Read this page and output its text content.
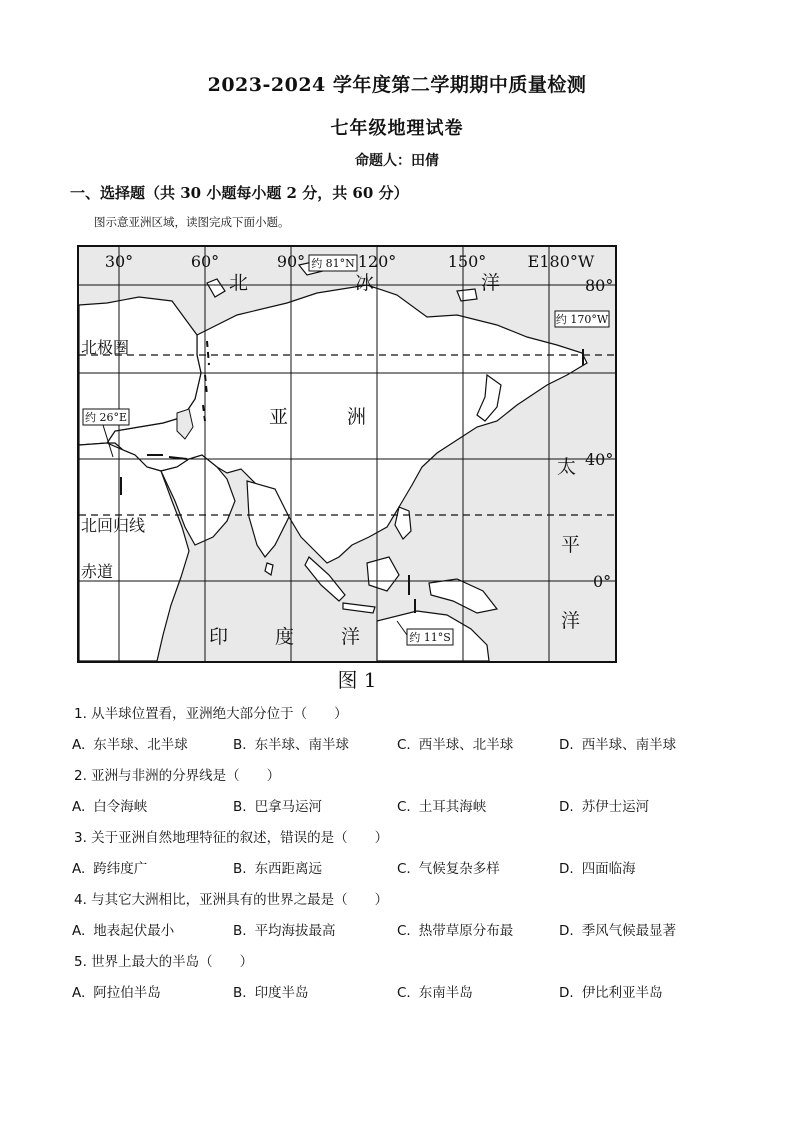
2023-2024 学年度第二学期期中质量检测
七年级地理试卷
命题人：田倩
一、选择题（共 30 小题每小题 2 分，共 60 分）
图示意亚洲区域，读图完成下面小题。
30°	60°	90°	120°	150°	E180°W
80°
40°
0°
北极圈
北回归线
赤道
北	冰	洋
太
平
洋
印 度 洋
亚	洲
约 81°N
约 170°W
约 26°E
约 11°S
图 1
1. 从半球位置看，亚洲绝大部分位于（　　）
A. 东半球、北半球	B. 东半球、南半球	C. 西半球、北半球	D. 西半球、南半球
2. 亚洲与非洲的分界线是（　　）
A. 白令海峡	B. 巴拿马运河	C. 土耳其海峡	D. 苏伊士运河
3. 关于亚洲自然地理特征的叙述，错误的是（　　）
A. 跨纬度广	B. 东西距离远	C. 气候复杂多样	D. 四面临海
4. 与其它大洲相比，亚洲具有的世界之最是（　　）
A. 地表起伏最小	B. 平均海拔最高	C. 热带草原分布最	D. 季风气候最显著
5. 世界上最大的半岛（　　）
A. 阿拉伯半岛	B. 印度半岛	C. 东南半岛	D. 伊比利亚半岛
